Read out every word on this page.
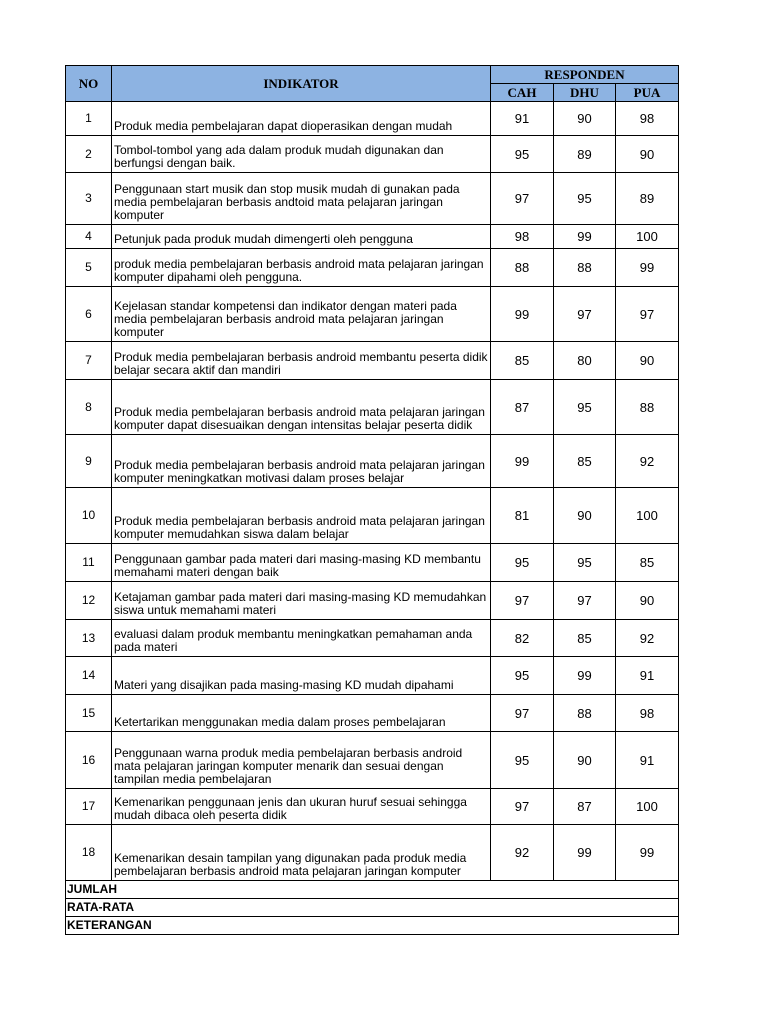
NO	INDIKATOR	RESPONDEN		
		CAH	DHU	PUA

1	Produk media pembelajaran dapat dioperasikan dengan mudah	91	90	98

2	Tombol-tombol yang ada dalam produk mudah digunakan dan berfungsi dengan baik.	95	89	90

3	Penggunaan start musik dan stop musik mudah di gunakan pada media pembelajaran berbasis andtoid mata pelajaran jaringan komputer	97	95	89

4	Petunjuk pada produk mudah dimengerti oleh pengguna	98	99	100

5	produk media pembelajaran berbasis android mata pelajaran jaringan komputer dipahami oleh pengguna.	88	88	99

6	Kejelasan standar kompetensi dan indikator dengan materi pada media pembelajaran berbasis android mata pelajaran jaringan komputer	99	97	97

7	Produk media pembelajaran berbasis android membantu peserta didik belajar secara aktif dan mandiri	85	80	90

8	Produk media pembelajaran berbasis android mata pelajaran jaringan komputer dapat disesuaikan dengan intensitas belajar peserta didik	87	95	88

9	Produk media pembelajaran berbasis android mata pelajaran jaringan komputer meningkatkan motivasi dalam proses belajar	99	85	92

10	Produk media pembelajaran berbasis android mata pelajaran jaringan komputer memudahkan siswa dalam belajar	81	90	100

11	Penggunaan gambar pada materi dari masing-masing KD membantu memahami materi dengan baik	95	95	85

12	Ketajaman gambar pada materi dari masing-masing KD memudahkan siswa untuk memahami materi	97	97	90

13	evaluasi dalam produk membantu meningkatkan pemahaman anda pada materi	82	85	92

14	Materi yang disajikan pada masing-masing KD mudah dipahami	95	99	91

15	Ketertarikan menggunakan media dalam proses pembelajaran	97	88	98

16	Penggunaan warna produk media pembelajaran berbasis android mata pelajaran jaringan komputer menarik dan sesuai dengan tampilan media pembelajaran	95	90	91

17	Kemenarikan penggunaan jenis dan ukuran huruf sesuai sehingga mudah dibaca oleh peserta didik	97	87	100

18	Kemenarikan desain tampilan yang digunakan pada produk media pembelajaran berbasis android mata pelajaran jaringan komputer	92	99	99
JUMLAH				
RATA-RATA				
KETERANGAN				
